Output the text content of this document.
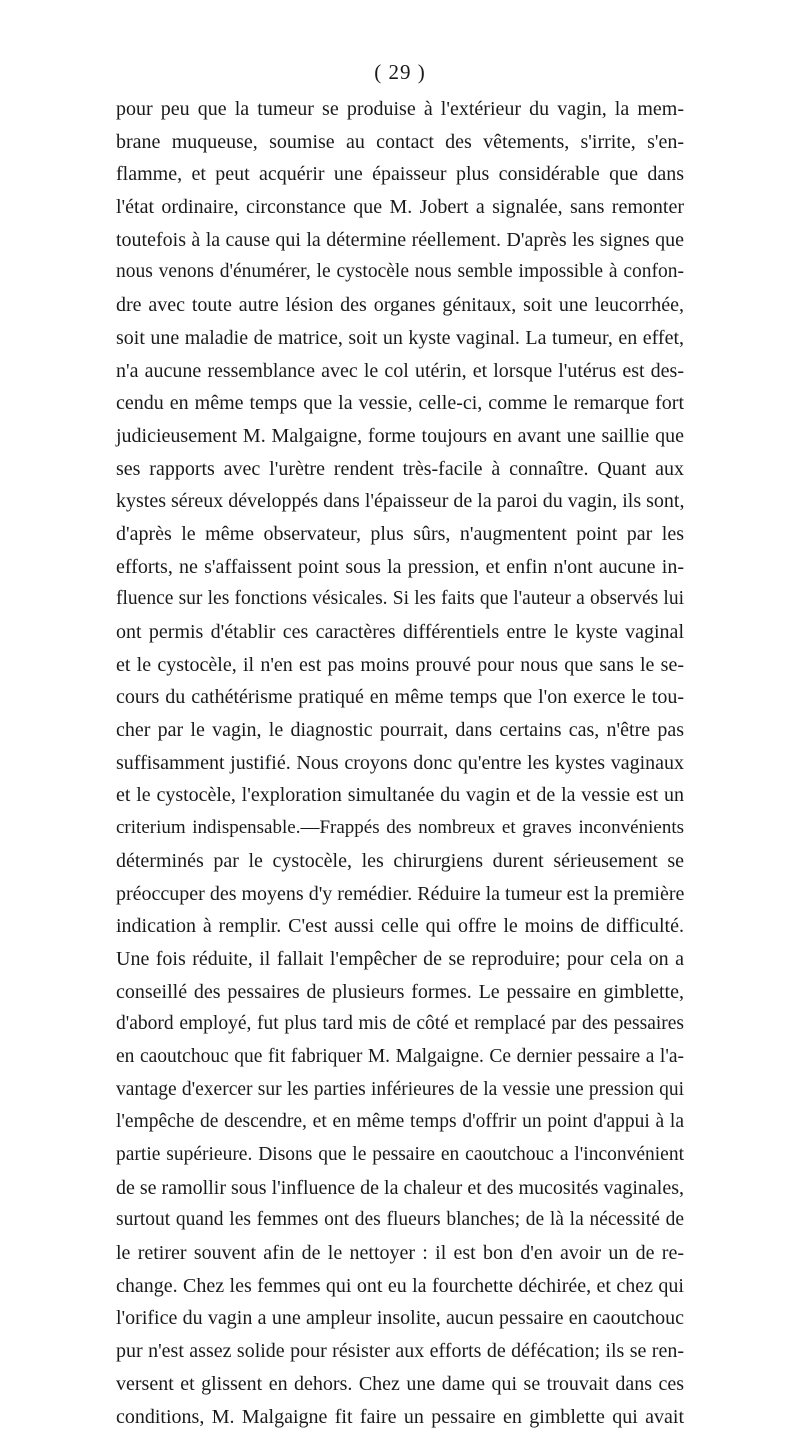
( 29 )
pour peu que la tumeur se produise à l'extérieur du vagin, la mem-
brane muqueuse, soumise au contact des vêtements, s'irrite, s'en-
flamme, et peut acquérir une épaisseur plus considérable que dans
l'état ordinaire, circonstance que M. Jobert a signalée, sans remonter
toutefois à la cause qui la détermine réellement. D'après les signes que
nous venons d'énumérer, le cystocèle nous semble impossible à confon-
dre avec toute autre lésion des organes génitaux, soit une leucorrhée,
soit une maladie de matrice, soit un kyste vaginal. La tumeur, en effet,
n'a aucune ressemblance avec le col utérin, et lorsque l'utérus est des-
cendu en même temps que la vessie, celle-ci, comme le remarque fort
judicieusement M. Malgaigne, forme toujours en avant une saillie que
ses rapports avec l'urètre rendent très-facile à connaître. Quant aux
kystes séreux développés dans l'épaisseur de la paroi du vagin, ils sont,
d'après le même observateur, plus sûrs, n'augmentent point par les
efforts, ne s'affaissent point sous la pression, et enfin n'ont aucune in-
fluence sur les fonctions vésicales. Si les faits que l'auteur a observés lui
ont permis d'établir ces caractères différentiels entre le kyste vaginal
et le cystocèle, il n'en est pas moins prouvé pour nous que sans le se-
cours du cathétérisme pratiqué en même temps que l'on exerce le tou-
cher par le vagin, le diagnostic pourrait, dans certains cas, n'être pas
suffisamment justifié. Nous croyons donc qu'entre les kystes vaginaux
et le cystocèle, l'exploration simultanée du vagin et de la vessie est un
criterium indispensable.—Frappés des nombreux et graves inconvénients
déterminés par le cystocèle, les chirurgiens durent sérieusement se
préoccuper des moyens d'y remédier. Réduire la tumeur est la première
indication à remplir. C'est aussi celle qui offre le moins de difficulté.
Une fois réduite, il fallait l'empêcher de se reproduire; pour cela on a
conseillé des pessaires de plusieurs formes. Le pessaire en gimblette,
d'abord employé, fut plus tard mis de côté et remplacé par des pessaires
en caoutchouc que fit fabriquer M. Malgaigne. Ce dernier pessaire a l'a-
vantage d'exercer sur les parties inférieures de la vessie une pression qui
l'empêche de descendre, et en même temps d'offrir un point d'appui à la
partie supérieure. Disons que le pessaire en caoutchouc a l'inconvénient
de se ramollir sous l'influence de la chaleur et des mucosités vaginales,
surtout quand les femmes ont des flueurs blanches; de là la nécessité de
le retirer souvent afin de le nettoyer : il est bon d'en avoir un de re-
change. Chez les femmes qui ont eu la fourchette déchirée, et chez qui
l'orifice du vagin a une ampleur insolite, aucun pessaire en caoutchouc
pur n'est assez solide pour résister aux efforts de défécation; ils se ren-
versent et glissent en dehors. Chez une dame qui se trouvait dans ces
conditions, M. Malgaigne fit faire un pessaire en gimblette qui avait
